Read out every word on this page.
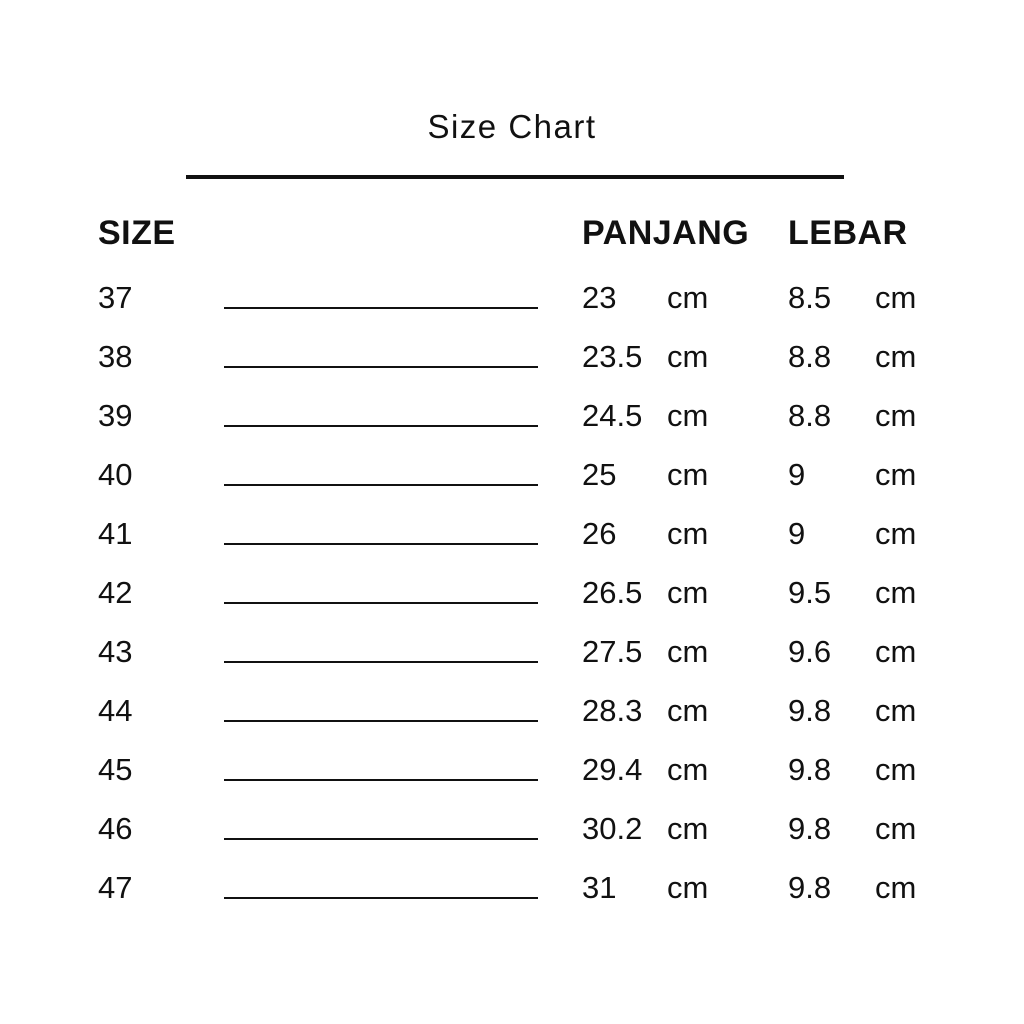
Size Chart
SIZE	PANJANG	LEBAR
37	23	cm	8.5	cm
38	23.5 cm	8.8	cm
39	24.5 cm	8.8	cm
40	25	cm	9	cm
41	26	cm	9	cm
42	26.5 cm	9.5	cm
43	27.5 cm	9.6	cm
44	28.3 cm	9.8	cm
45	29.4 cm	9.8	cm
46	30.2 cm	9.8	cm
47	31	cm	9.8	cm
